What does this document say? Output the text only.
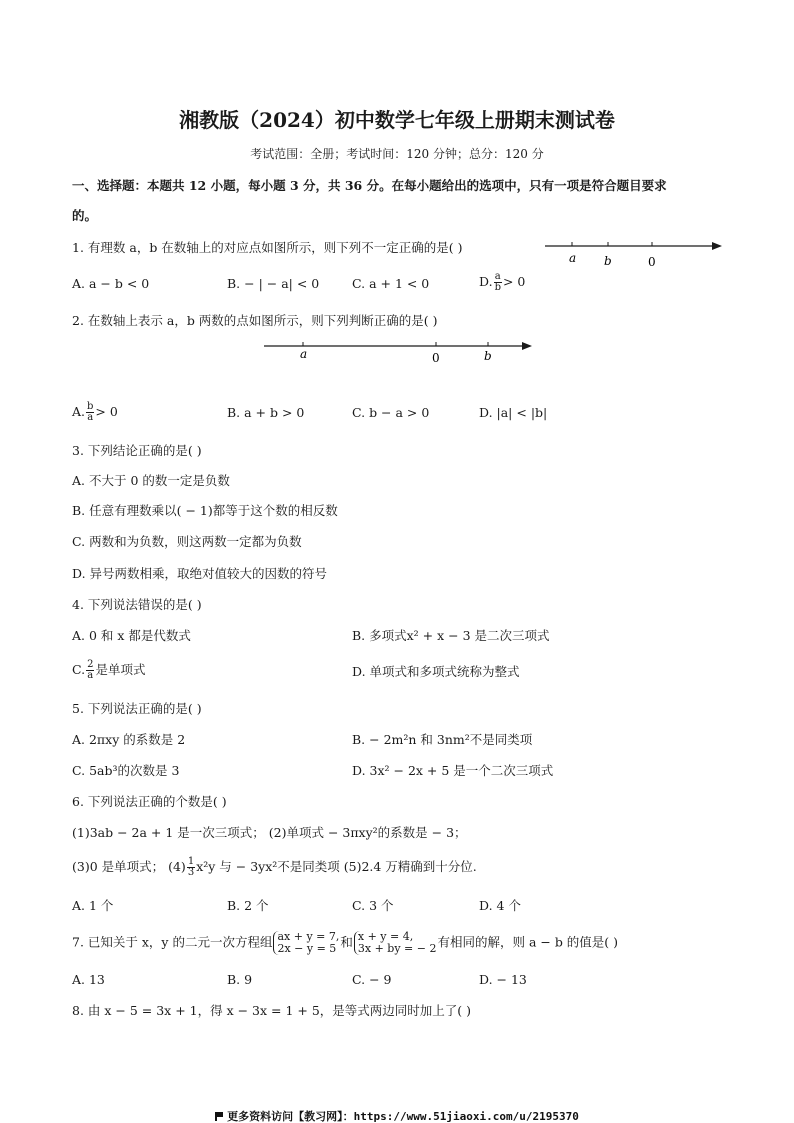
湘教版（2024）初中数学七年级上册期末测试卷
考试范围：全册；考试时间：120 分钟；总分：120 分
一、选择题：本题共 12 小题，每小题 3 分，共 36 分。在每小题给出的选项中，只有一项是符合题目要求
的。
1. 有理数 a，b 在数轴上的对应点如图所示，则下列不一定正确的是( )
a b	0
A. a − b < 0	B. − | − a| < 0	C. a + 1 < 0	D. $\frac{a}{b} > 0$
2. 在数轴上表示 a，b 两数的点如图所示，则下列判断正确的是( )
a	0	b
A. $\frac{b}{a} > 0$	B. a + b > 0	C. b − a > 0	D. |a| < |b|
3. 下列结论正确的是( )
A. 不大于 0 的数一定是负数
B. 任意有理数乘以( − 1)都等于这个数的相反数
C. 两数和为负数，则这两数一定都为负数
D. 异号两数相乘，取绝对值较大的因数的符号
4. 下列说法错误的是( )
A. 0 和 x 都是代数式	B. 多项式x² + x − 3 是二次三项式
C. $\frac{2}{a}$ 是单项式	D. 单项式和多项式统称为整式
5. 下列说法正确的是( )
A. 2πxy 的系数是 2	B. − 2m²n 和 3nm²不是同类项
C. 5ab³的次数是 3	D. 3x² − 2x + 5 是一个二次三项式
6. 下列说法正确的个数是( )
(1)3ab − 2a + 1 是一次三项式； (2)单项式 − 3πxy²的系数是 − 3；
(3)0 是单项式； $(4) \frac{1}{3} x^2y$ 与 − 3yx²不是同类项 (5)2.4 万精确到十分位.
A. 1 个	B. 2 个	C. 3 个	D. 4 个
7. 已知关于 x，y 的二元一次方程组 ax + y = 7,
2x − y = 5 和 x + y = 4,
3x + by = − 2 有相同的解，则 a − b 的值是( )
A. 13	B. 9	C. − 9	D. − 13
8. 由 x − 5 = 3x + 1，得 x − 3x = 1 + 5，是等式两边同时加上了( )
更多资料访问【教习网】：https://www.51jiaoxi.com/u/2195370
